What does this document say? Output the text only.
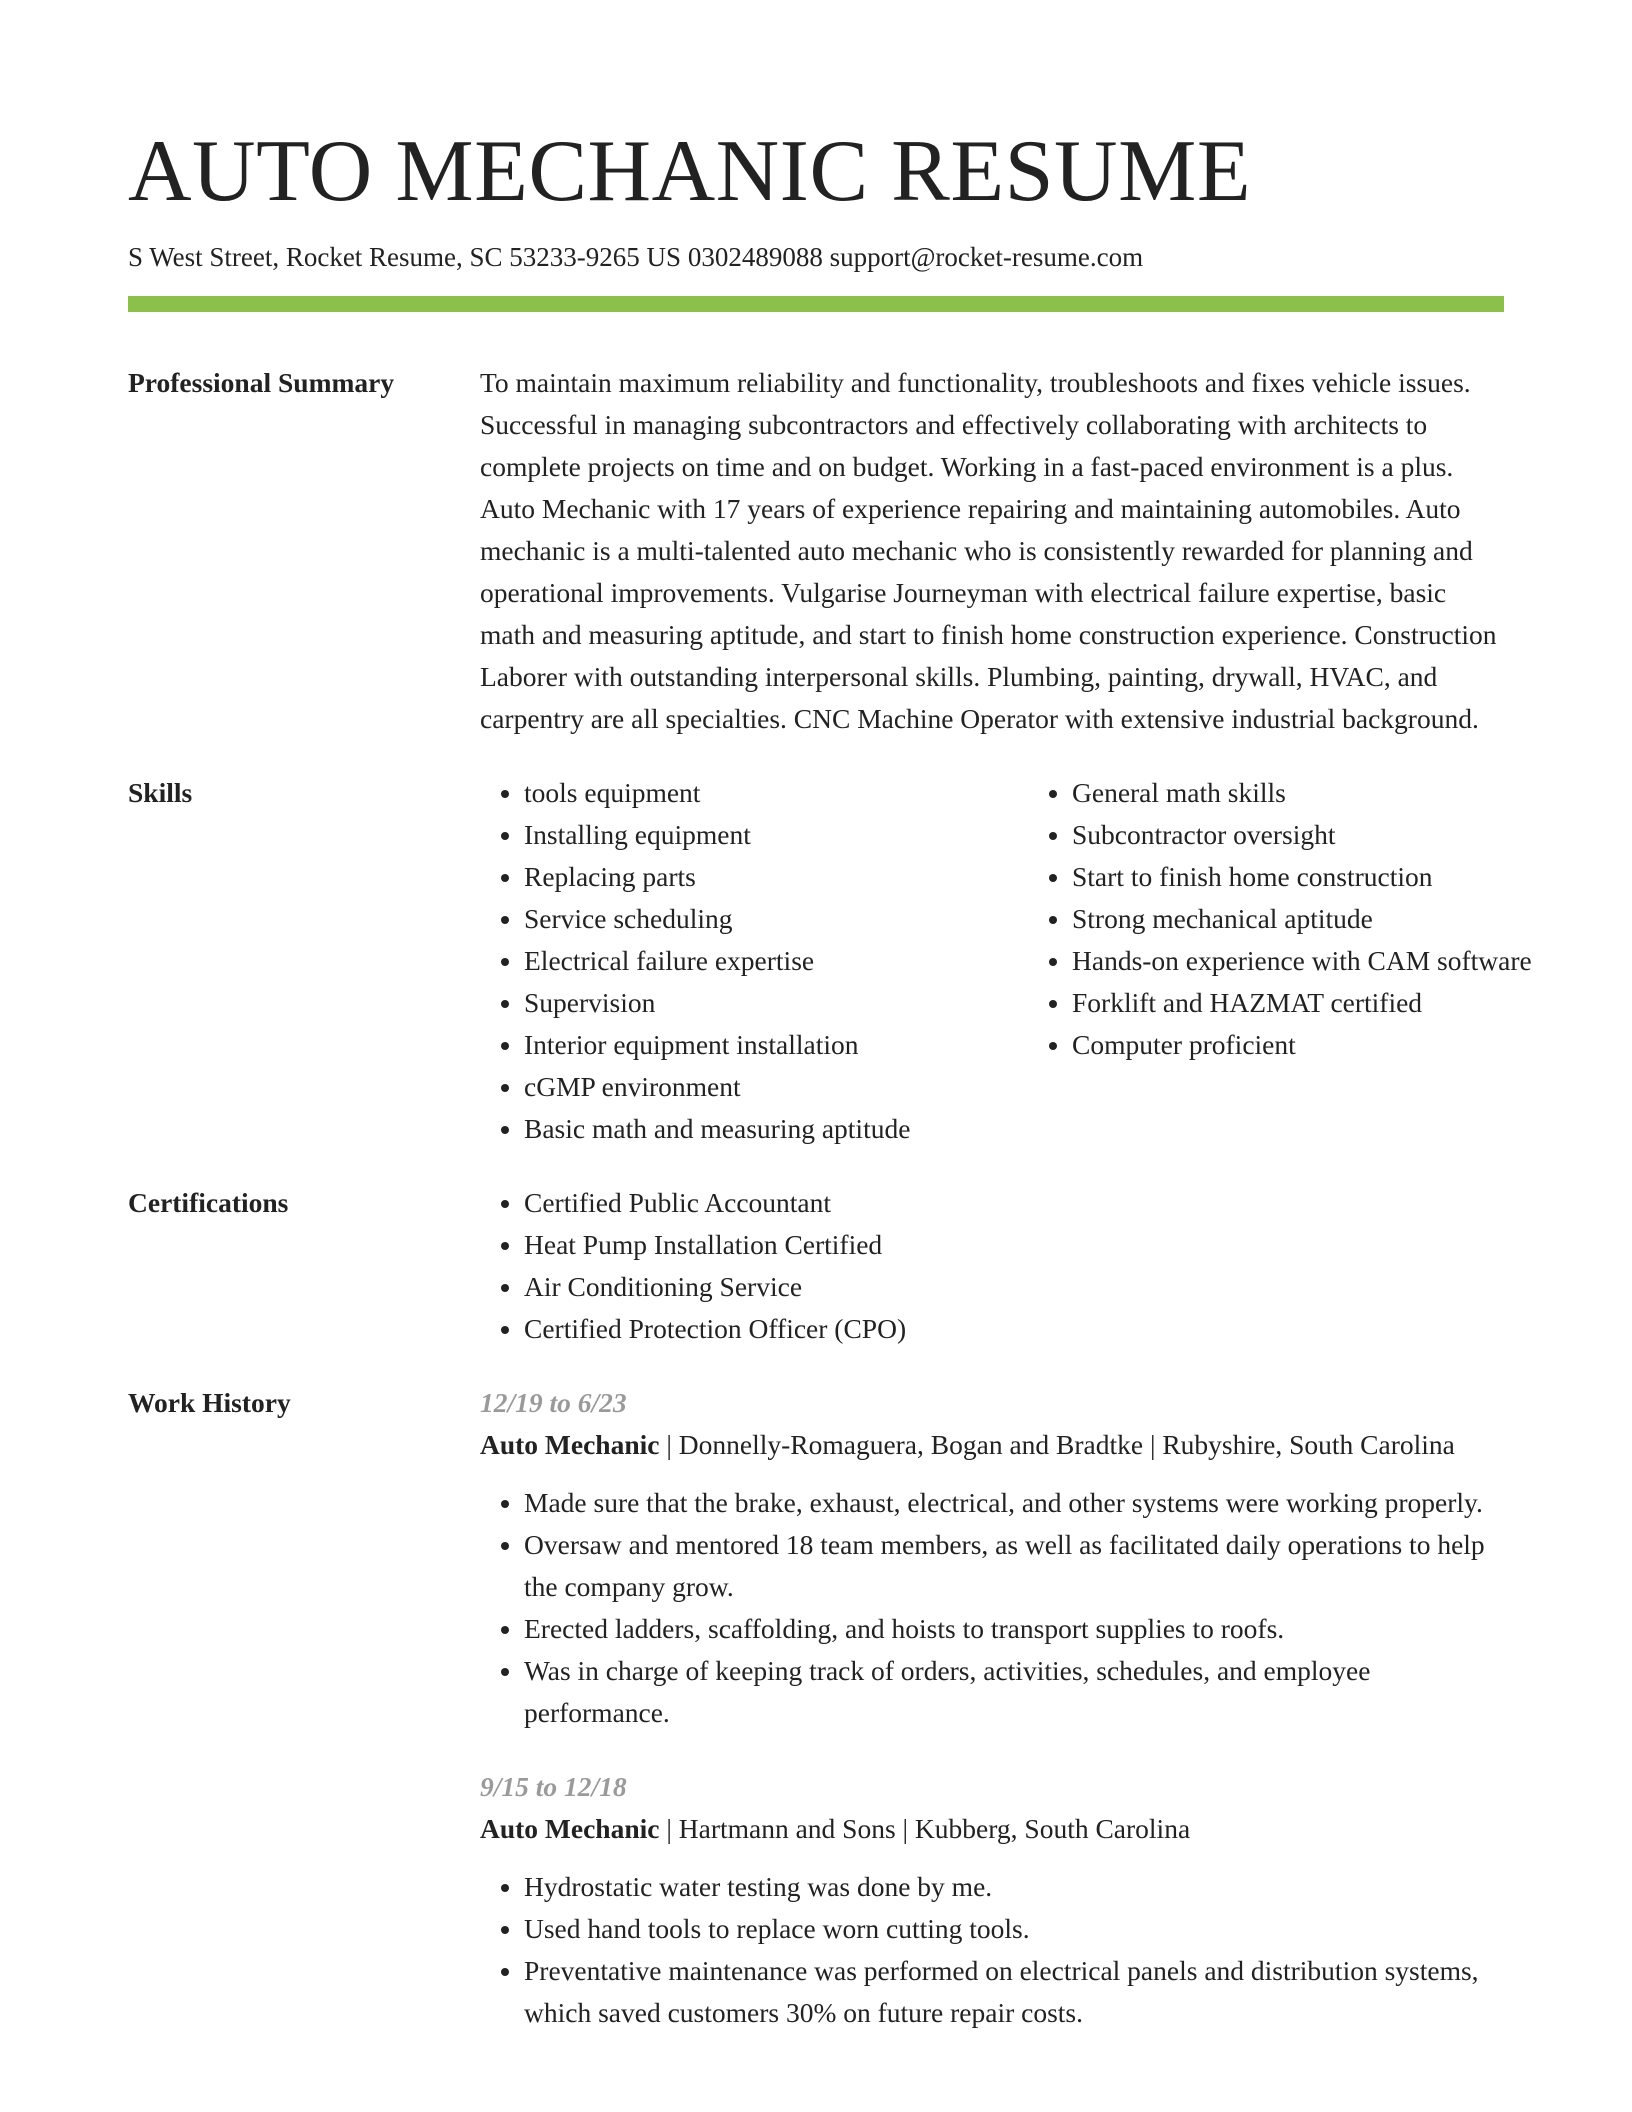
AUTO MECHANIC RESUME
S West Street, Rocket Resume, SC 53233-9265 US 0302489088 support@rocket-resume.com
Professional Summary	To maintain maximum reliability and functionality, troubleshoots and fixes vehicle issues. Successful in managing subcontractors and effectively collaborating with architects to complete projects on time and on budget. Working in a fast-paced environment is a plus. Auto Mechanic with 17 years of experience repairing and maintaining automobiles. Auto mechanic is a multi-talented auto mechanic who is consistently rewarded for planning and operational improvements. Vulgarise Journeyman with electrical failure expertise, basic math and measuring aptitude, and start to finish home construction experience. Construction Laborer with outstanding interpersonal skills. Plumbing, painting, drywall, HVAC, and carpentry are all specialties. CNC Machine Operator with extensive industrial background.
Skills	• tools equipment
• Installing equipment
• Replacing parts
• Service scheduling
• Electrical failure expertise
• Supervision
• Interior equipment installation
• cGMP environment
• Basic math and measuring aptitude
• General math skills
• Subcontractor oversight
• Start to finish home construction
• Strong mechanical aptitude
• Hands-on experience with CAM software
• Forklift and HAZMAT certified
• Computer proficient
Certifications	• Certified Public Accountant
• Heat Pump Installation Certified
• Air Conditioning Service
• Certified Protection Officer (CPO)
Work History	12/19 to 6/23
Auto Mechanic | Donnelly-Romaguera, Bogan and Bradtke | Rubyshire, South Carolina
• Made sure that the brake, exhaust, electrical, and other systems were working properly.
• Oversaw and mentored 18 team members, as well as facilitated daily operations to help the company grow.
• Erected ladders, scaffolding, and hoists to transport supplies to roofs.
• Was in charge of keeping track of orders, activities, schedules, and employee performance.
9/15 to 12/18
Auto Mechanic | Hartmann and Sons | Kubberg, South Carolina
• Hydrostatic water testing was done by me.
• Used hand tools to replace worn cutting tools.
• Preventative maintenance was performed on electrical panels and distribution systems, which saved customers 30% on future repair costs.
